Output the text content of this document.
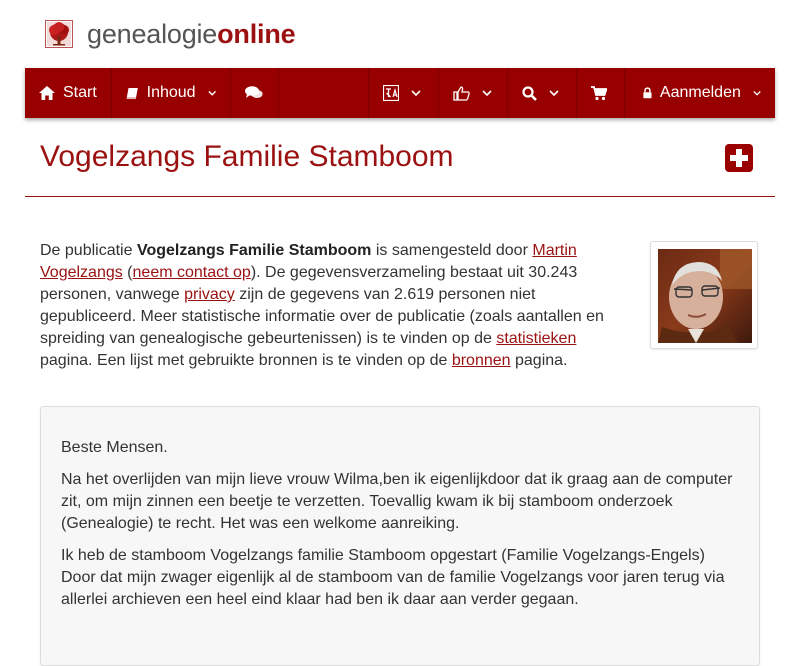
genealogieonline
Start	Inhoud	Aanmelden
Vogelzangs Familie Stamboom

De publicatie Vogelzangs Familie Stamboom is samengesteld door Martin Vogelzangs (neem contact op). De gegevensverzameling bestaat uit 30.243 personen, vanwege privacy zijn de gegevens van 2.619 personen niet gepubliceerd. Meer statistische informatie over de publicatie (zoals aantallen en spreiding van genealogische gebeurtenissen) is te vinden op de statistieken pagina. Een lijst met gebruikte bronnen is te vinden op de bronnen pagina.

Beste Mensen.

Na het overlijden van mijn lieve vrouw Wilma,ben ik eigenlijkdoor dat ik graag aan de computer zit, om mijn zinnen een beetje te verzetten. Toevallig kwam ik bij stamboom onderzoek (Genealogie) te recht. Het was een welkome aanreiking.

Ik heb de stamboom Vogelzangs familie Stamboom opgestart (Familie Vogelzangs-Engels) Door dat mijn zwager eigenlijk al de stamboom van de familie Vogelzangs voor jaren terug via allerlei archieven een heel eind klaar had ben ik daar aan verder gegaan.
